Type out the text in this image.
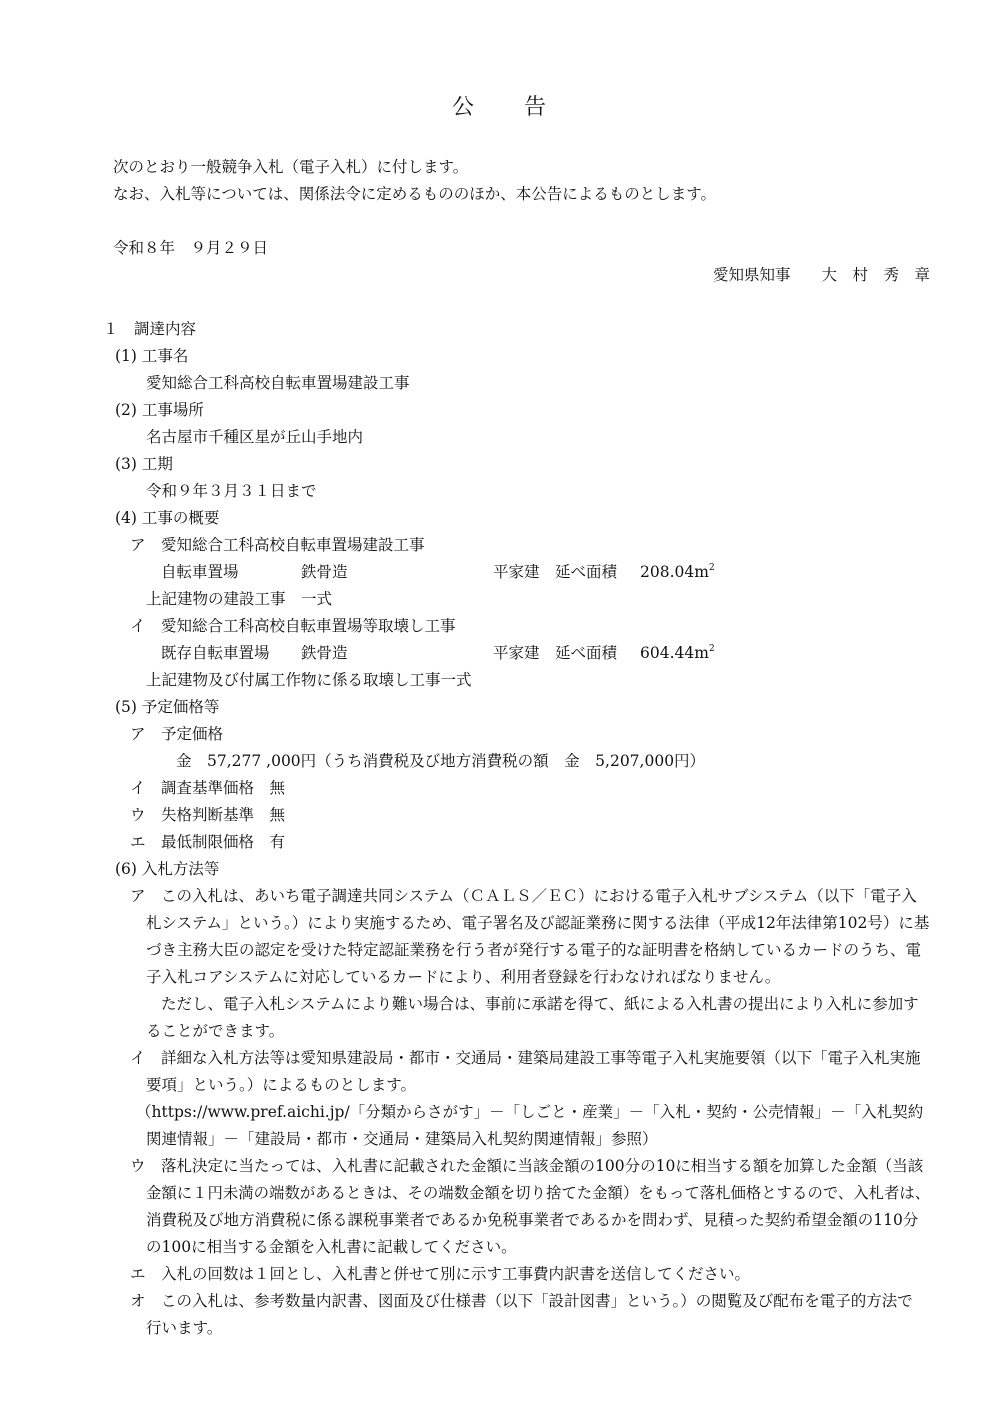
公　　告
次のとおり一般競争入札（電子入札）に付します。
なお、入札等については、関係法令に定めるもののほか、本公告によるものとします。
令和８年　９月２９日
愛知県知事　　大　村　秀　章
１　調達内容
(1) 工事名
愛知総合工科高校自転車置場建設工事
(2) 工事場所
名古屋市千種区星が丘山手地内
(3) 工期
令和９年３月３１日まで
(4) 工事の概要
ア　愛知総合工科高校自転車置場建設工事
自転車置場	鉄骨造	平家建　延べ面積 $208.04m^2$
上記建物の建設工事　一式
イ　愛知総合工科高校自転車置場等取壊し工事
既存自転車置場 鉄骨造	平家建　延べ面積 $604.44m^2$
上記建物及び付属工作物に係る取壊し工事一式
(5) 予定価格等
ア　予定価格
金　57,277 ,000円（うち消費税及び地方消費税の額　金　5,207,000円）
イ　調査基準価格　無
ウ　失格判断基準　無
エ　最低制限価格　有
(6) 入札方法等
ア　この入札は、あいち電子調達共同システム（ＣＡＬＳ／ＥＣ）における電子入札サブシステム（以下「電子入
札システム」という。）により実施するため、電子署名及び認証業務に関する法律（平成12年法律第102号）に基
づき主務大臣の認定を受けた特定認証業務を行う者が発行する電子的な証明書を格納しているカードのうち、電
子入札コアシステムに対応しているカードにより、利用者登録を行わなければなりません。
ただし、電子入札システムにより難い場合は、事前に承諾を得て、紙による入札書の提出により入札に参加す
ることができます。
イ　詳細な入札方法等は愛知県建設局・都市・交通局・建築局建設工事等電子入札実施要領（以下「電子入札実施
要項」という。）によるものとします。
（https://www.pref.aichi.jp/「分類からさがす」－「しごと・産業」－「入札・契約・公売情報」－「入札契約
関連情報」－「建設局・都市・交通局・建築局入札契約関連情報」参照）
ウ　落札決定に当たっては、入札書に記載された金額に当該金額の100分の10に相当する額を加算した金額（当該
金額に１円未満の端数があるときは、その端数金額を切り捨てた金額）をもって落札価格とするので、入札者は、
消費税及び地方消費税に係る課税事業者であるか免税事業者であるかを問わず、見積った契約希望金額の110分
の100に相当する金額を入札書に記載してください。
エ　入札の回数は１回とし、入札書と併せて別に示す工事費内訳書を送信してください。
オ　この入札は、参考数量内訳書、図面及び仕様書（以下「設計図書」という。）の閲覧及び配布を電子的方法で
行います。
